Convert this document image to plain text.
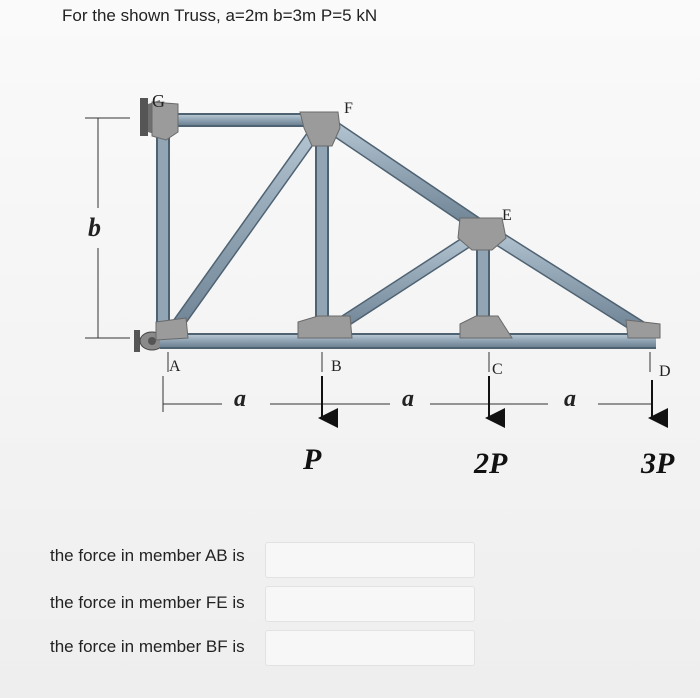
For the shown Truss, a=2m b=3m P=5 kN
G	F
E
A	B	C	D
b
a	a	a
P	2P	3P
the force in member AB is
the force in member FE is
the force in member BF is
